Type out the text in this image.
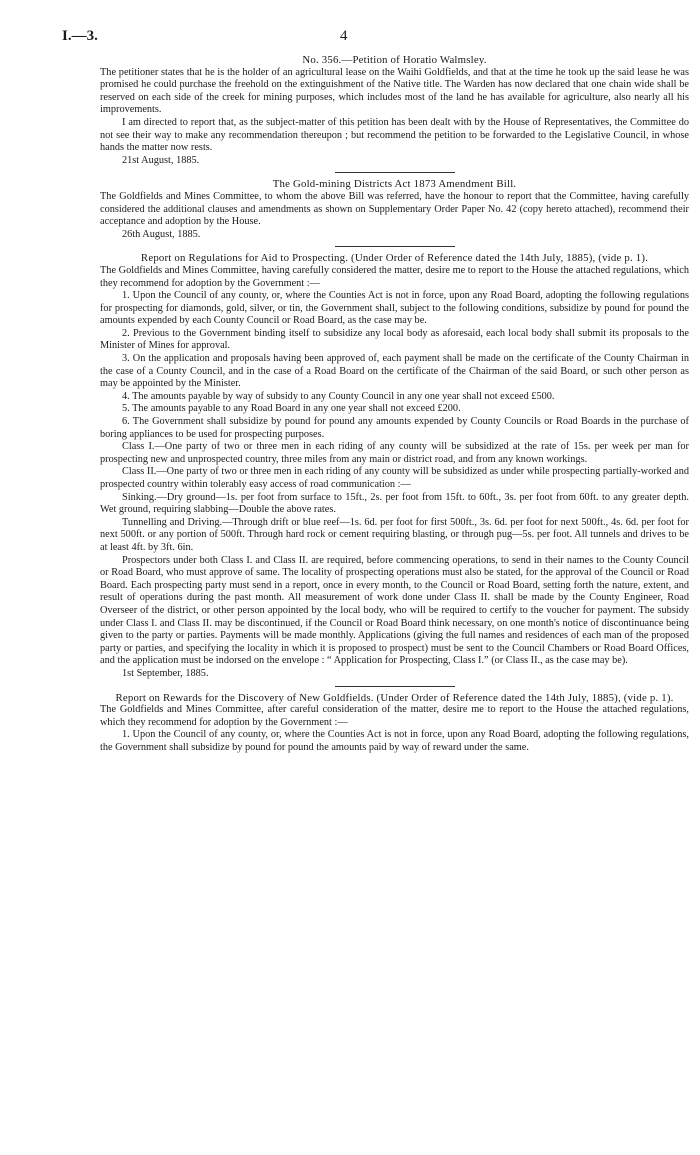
I.—3.	4

No. 356.—Petition of Horatio Walmsley.

The petitioner states that he is the holder of an agricultural lease on the Waihi Goldfields, and that at the time he took up the said lease he was promised he could purchase the freehold on the extinguishment of the Native title. The Warden has now declared that one chain wide shall be reserved on each side of the creek for mining purposes, which includes most of the land he has available for agriculture, also nearly all his improvements.

I am directed to report that, as the subject-matter of this petition has been dealt with by the House of Representatives, the Committee do not see their way to make any recommendation thereupon ; but recommend the petition to be forwarded to the Legislative Council, in whose hands the matter now rests.

21st August, 1885.

The Gold-mining Districts Act 1873 Amendment Bill.

The Goldfields and Mines Committee, to whom the above Bill was referred, have the honour to report that the Committee, having carefully considered the additional clauses and amendments as shown on Supplementary Order Paper No. 42 (copy hereto attached), recommend their acceptance and adoption by the House.

26th August, 1885.

Report on Regulations for Aid to Prospecting. (Under Order of Reference dated the 14th July, 1885), (vide p. 1).

The Goldfields and Mines Committee, having carefully considered the matter, desire me to report to the House the attached regulations, which they recommend for adoption by the Government :—

1. Upon the Council of any county, or, where the Counties Act is not in force, upon any Road Board, adopting the following regulations for prospecting for diamonds, gold, silver, or tin, the Government shall, subject to the following conditions, subsidize by pound for pound the amounts expended by each County Council or Road Board, as the case may be.

2. Previous to the Government binding itself to subsidize any local body as aforesaid, each local body shall submit its proposals to the Minister of Mines for approval.

3. On the application and proposals having been approved of, each payment shall be made on the certificate of the County Chairman in the case of a County Council, and in the case of a Road Board on the certificate of the Chairman of the said Board, or such other person as may be appointed by the Minister.

4. The amounts payable by way of subsidy to any County Council in any one year shall not exceed £500.

5. The amounts payable to any Road Board in any one year shall not exceed £200.

6. The Government shall subsidize by pound for pound any amounts expended by County Councils or Road Boards in the purchase of boring appliances to be used for prospecting purposes.

Class I.—One party of two or three men in each riding of any county will be subsidized at the rate of 15s. per week per man for prospecting new and unprospected country, three miles from any main or district road, and from any known workings.

Class II.—One party of two or three men in each riding of any county will be subsidized as under while prospecting partially-worked and prospected country within tolerably easy access of road communication :—

Sinking.—Dry ground—1s. per foot from surface to 15ft., 2s. per foot from 15ft. to 60ft., 3s. per foot from 60ft. to any greater depth. Wet ground, requiring slabbing—Double the above rates.

Tunnelling and Driving.—Through drift or blue reef—1s. 6d. per foot for first 500ft., 3s. 6d. per foot for next 500ft., 4s. 6d. per foot for next 500ft. or any portion of 500ft. Through hard rock or cement requiring blasting, or through pug—5s. per foot. All tunnels and drives to be at least 4ft. by 3ft. 6in.

Prospectors under both Class I. and Class II. are required, before commencing operations, to send in their names to the County Council or Road Board, who must approve of same. The locality of prospecting operations must also be stated, for the approval of the Council or Road Board. Each prospecting party must send in a report, once in every month, to the Council or Road Board, setting forth the nature, extent, and result of operations during the past month. All measurement of work done under Class II. shall be made by the County Engineer, Road Overseer of the district, or other person appointed by the local body, who will be required to certify to the voucher for payment. The subsidy under Class I. and Class II. may be discontinued, if the Council or Road Board think necessary, on one month's notice of discontinuance being given to the party or parties. Payments will be made monthly. Applications (giving the full names and residences of each man of the proposed party or parties, and specifying the locality in which it is proposed to prospect) must be sent to the Council Chambers or Road Board Offices, and the application must be indorsed on the envelope : “ Application for Prospecting, Class I.” (or Class II., as the case may be).

1st September, 1885.

Report on Rewards for the Discovery of New Goldfields. (Under Order of Reference dated the 14th July, 1885), (vide p. 1).

The Goldfields and Mines Committee, after careful consideration of the matter, desire me to report to the House the attached regulations, which they recommend for adoption by the Government :—

1. Upon the Council of any county, or, where the Counties Act is not in force, upon any Road Board, adopting the following regulations, the Government shall subsidize by pound for pound the amounts paid by way of reward under the same.
